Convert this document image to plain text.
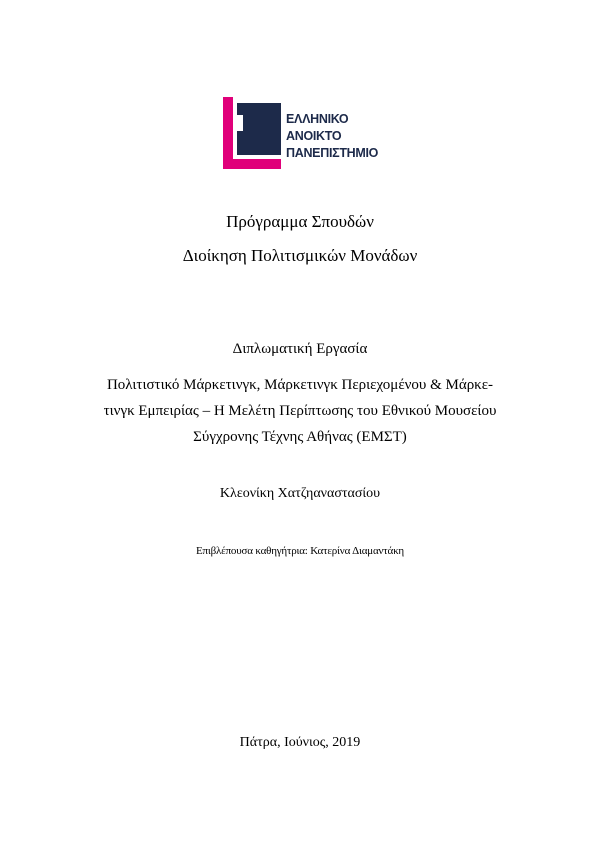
ΕΛΛΗΝΙΚΟ
ΑΝΟΙΚΤΟ
ΠΑΝΕΠΙΣΤΗΜΙΟ
Πρόγραμμα Σπουδών
Διοίκηση Πολιτισμικών Μονάδων
Διπλωματική Εργασία
Πολιτιστικό Μάρκετινγκ, Μάρκετινγκ Περιεχομένου & Μάρκε-
τινγκ Εμπειρίας – Η Μελέτη Περίπτωσης του Εθνικού Μουσείου
Σύγχρονης Τέχνης Αθήνας (ΕΜΣΤ)
Κλεονίκη Χατζηαναστασίου
Επιβλέπουσα καθηγήτρια: Κατερίνα Διαμαντάκη
Πάτρα, Ιούνιος, 2019
